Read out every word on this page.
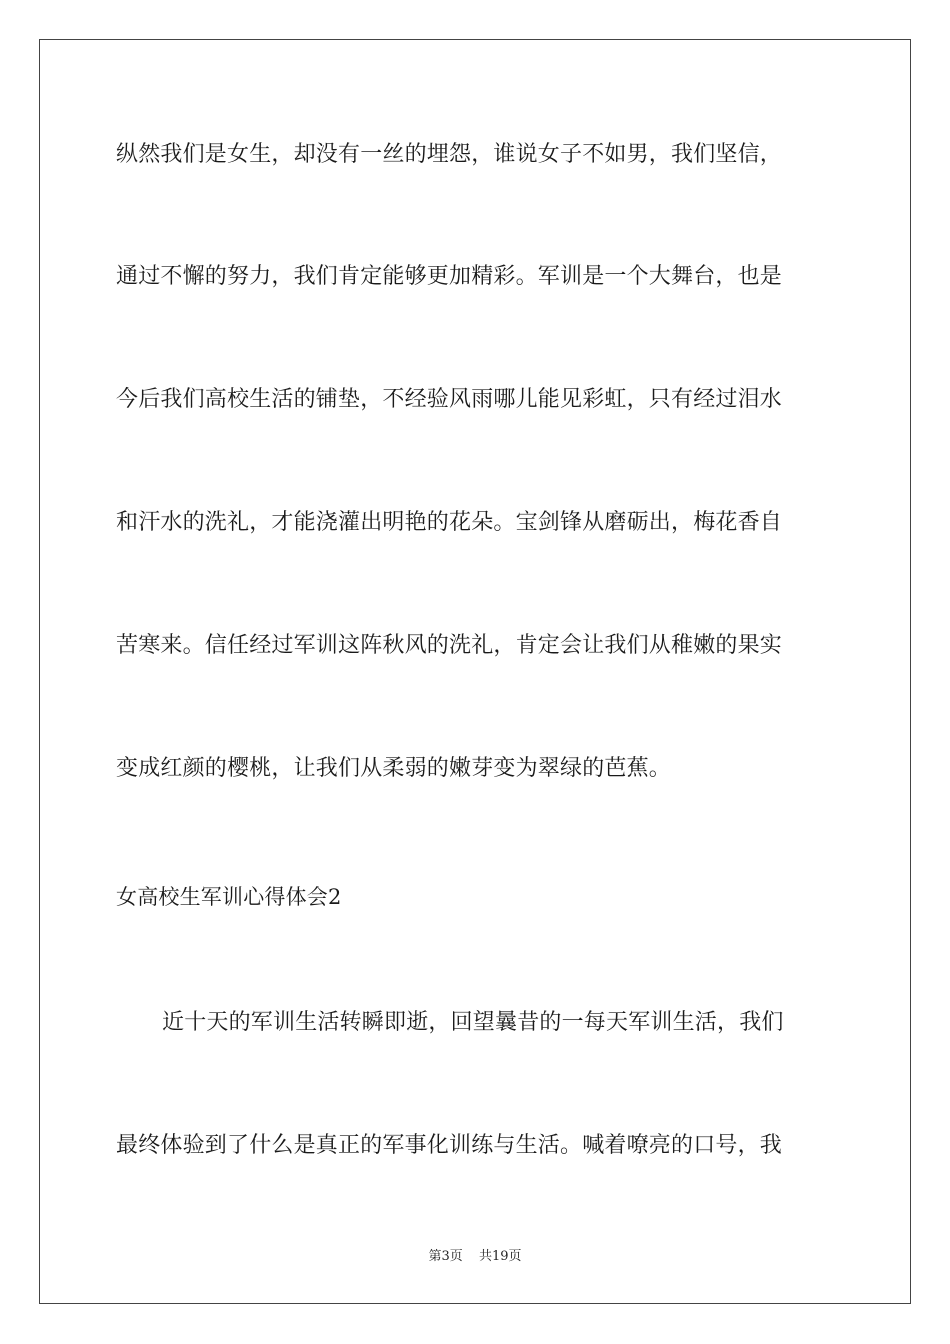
纵然我们是女生，却没有一丝的埋怨，谁说女子不如男，我们坚信，
通过不懈的努力，我们肯定能够更加精彩。军训是一个大舞台，也是
今后我们高校生活的铺垫，不经验风雨哪儿能见彩虹，只有经过泪水
和汗水的洗礼，才能浇灌出明艳的花朵。宝剑锋从磨砺出，梅花香自
苦寒来。信任经过军训这阵秋风的洗礼，肯定会让我们从稚嫩的果实
变成红颜的樱桃，让我们从柔弱的嫩芽变为翠绿的芭蕉。
女高校生军训心得体会2
近十天的军训生活转瞬即逝，回望曩昔的一每天军训生活，我们
最终体验到了什么是真正的军事化训练与生活。喊着嘹亮的口号，我
第3页 共19页
